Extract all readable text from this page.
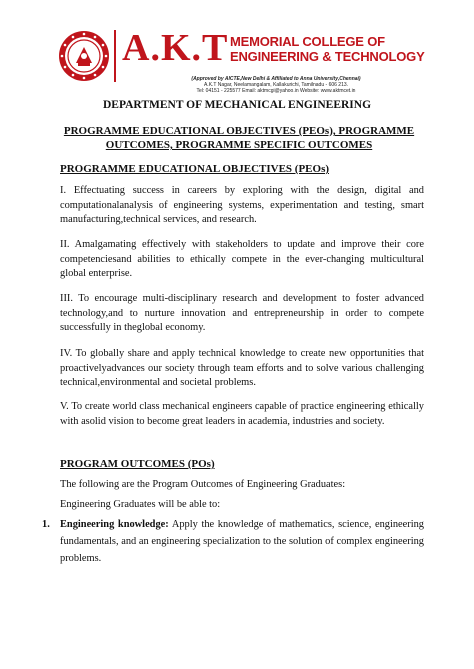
A.K.T MEMORIAL COLLEGE OF
ENGINEERING & TECHNOLOGY
(Approved by AICTE,New Delhi & Affiliated to Anna University,Chennai)
A.K.T Nagar, Neelamangalam, Kallakurichi, Tamilnadu - 606 213.
Tel: 04151 - 225577 Email: aktmcgi@yahoo.in Website: www.aktmcet.in
DEPARTMENT OF MECHANICAL ENGINEERING
PROGRAMME EDUCATIONAL OBJECTIVES (PEOs), PROGRAMME
OUTCOMES, PROGRAMME SPECIFIC OUTCOMES
PROGRAMME EDUCATIONAL OBJECTIVES (PEOs)

I. Effectuating success in careers by exploring with the design, digital and computationalanalysis of engineering systems, experimentation and testing, smart manufacturing,technical services, and research.

II. Amalgamating effectively with stakeholders to update and improve their core competenciesand abilities to ethically compete in the ever-changing multicultural global enterprise.

III. To encourage multi-disciplinary research and development to foster advanced technology,and to nurture innovation and entrepreneurship in order to compete successfully in theglobal economy.

IV. To globally share and apply technical knowledge to create new opportunities that proactivelyadvances our society through team efforts and to solve various challenging technical,environmental and societal problems.

V. To create world class mechanical engineers capable of practice engineering ethically with asolid vision to become great leaders in academia, industries and society.

PROGRAM OUTCOMES (POs)
The following are the Program Outcomes of Engineering Graduates:
Engineering Graduates will be able to:
1. Engineering knowledge: Apply the knowledge of mathematics, science, engineering fundamentals, and an engineering specialization to the solution of complex engineering problems.
